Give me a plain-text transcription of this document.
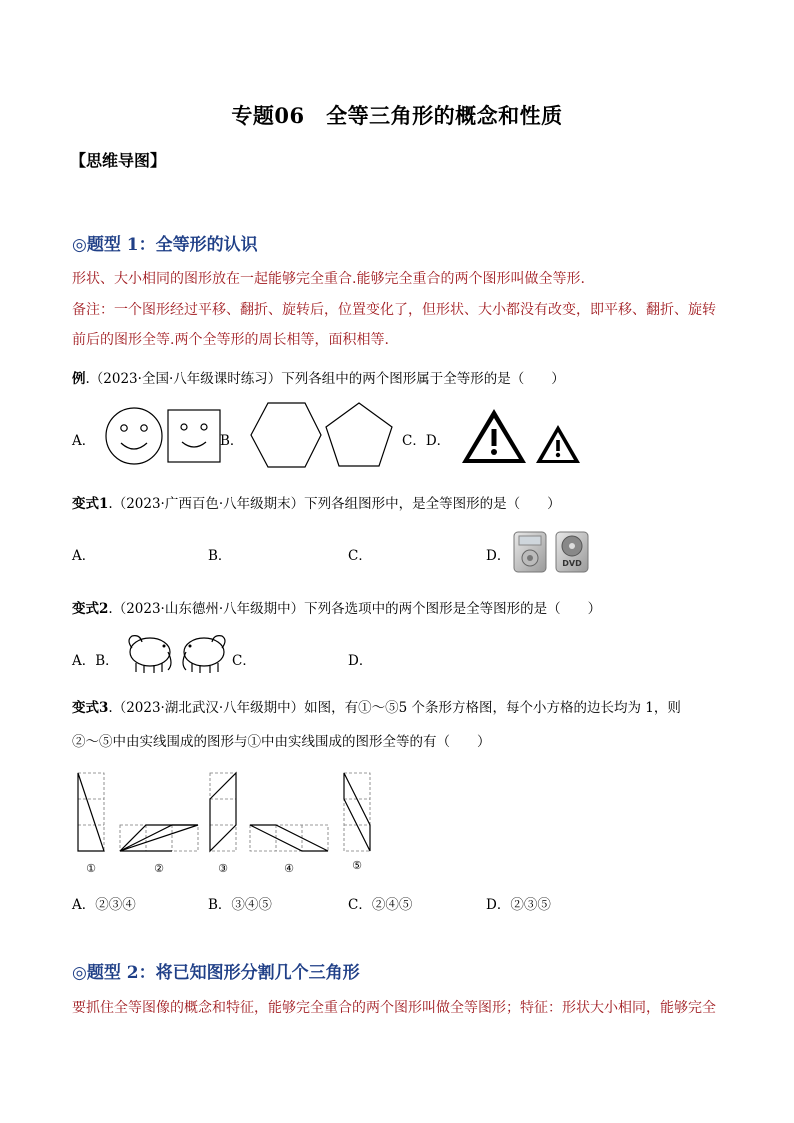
专题06　全等三角形的概念和性质
【思维导图】
◎题型 1：全等形的认识
形状、大小相同的图形放在一起能够完全重合.能够完全重合的两个图形叫做全等形.
备注：一个图形经过平移、翻折、旋转后，位置变化了，但形状、大小都没有改变，即平移、翻折、旋转
前后的图形全等.两个全等形的周长相等，面积相等.
例.（2023·全国·八年级课时练习）下列各组中的两个图形属于全等形的是（　　）
A．	B．	C．D．
变式1.（2023·广西百色·八年级期末）下列各组图形中，是全等图形的是（　　）
A．	B．	C．	D．	DVD
变式2.（2023·山东德州·八年级期中）下列各选项中的两个图形是全等图形的是（　　）
A．B．	C．	D．
变式3.（2023·湖北武汉·八年级期中）如图，有①～⑤5 个条形方格图，每个小方格的边长均为 1，则
②～⑤中由实线围成的图形与①中由实线围成的图形全等的有（　　）
①	②	③	④	⑤
A．②③④	B．③④⑤	C．②④⑤	D．②③⑤
◎题型 2：将已知图形分割几个三角形
要抓住全等图像的概念和特征，能够完全重合的两个图形叫做全等图形；特征：形状大小相同，能够完全
